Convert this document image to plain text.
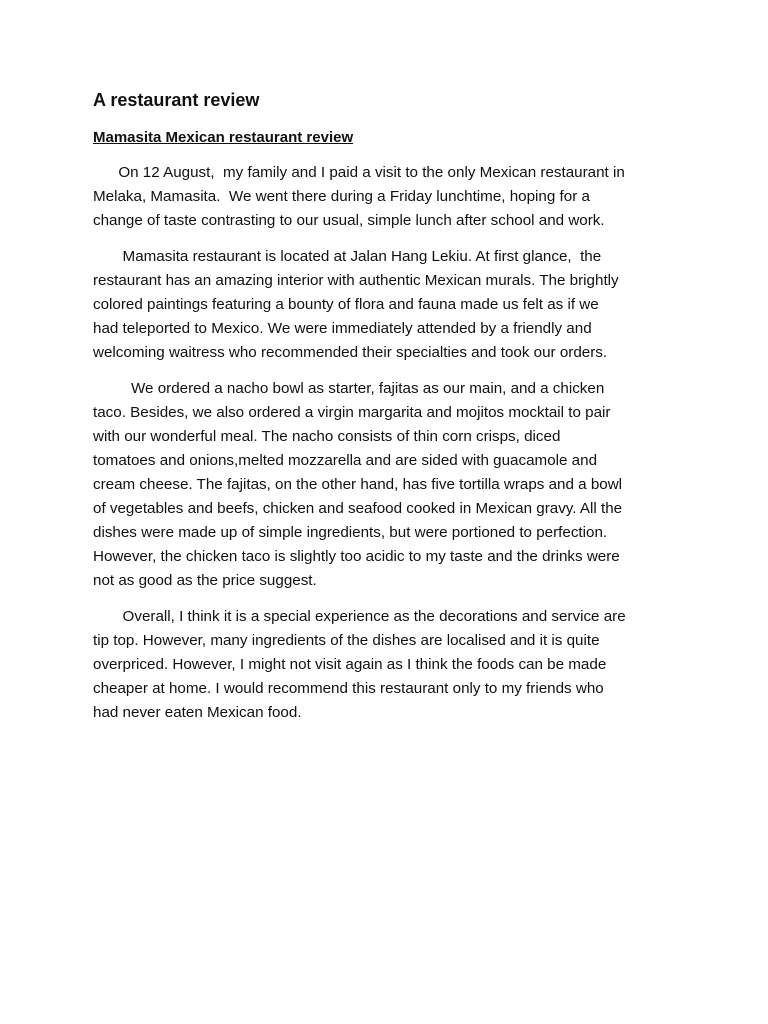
A restaurant review
Mamasita Mexican restaurant review
On 12 August,  my family and I paid a visit to the only Mexican restaurant in
Melaka, Mamasita.  We went there during a Friday lunchtime, hoping for a
change of taste contrasting to our usual, simple lunch after school and work.
Mamasita restaurant is located at Jalan Hang Lekiu. At first glance,  the
restaurant has an amazing interior with authentic Mexican murals. The brightly
colored paintings featuring a bounty of flora and fauna made us felt as if we
had teleported to Mexico. We were immediately attended by a friendly and
welcoming waitress who recommended their specialties and took our orders.
We ordered a nacho bowl as starter, fajitas as our main, and a chicken
taco. Besides, we also ordered a virgin margarita and mojitos mocktail to pair
with our wonderful meal. The nacho consists of thin corn crisps, diced
tomatoes and onions,melted mozzarella and are sided with guacamole and
cream cheese. The fajitas, on the other hand, has five tortilla wraps and a bowl
of vegetables and beefs, chicken and seafood cooked in Mexican gravy. All the
dishes were made up of simple ingredients, but were portioned to perfection.
However, the chicken taco is slightly too acidic to my taste and the drinks were
not as good as the price suggest.
Overall, I think it is a special experience as the decorations and service are
tip top. However, many ingredients of the dishes are localised and it is quite
overpriced. However, I might not visit again as I think the foods can be made
cheaper at home. I would recommend this restaurant only to my friends who
had never eaten Mexican food.
